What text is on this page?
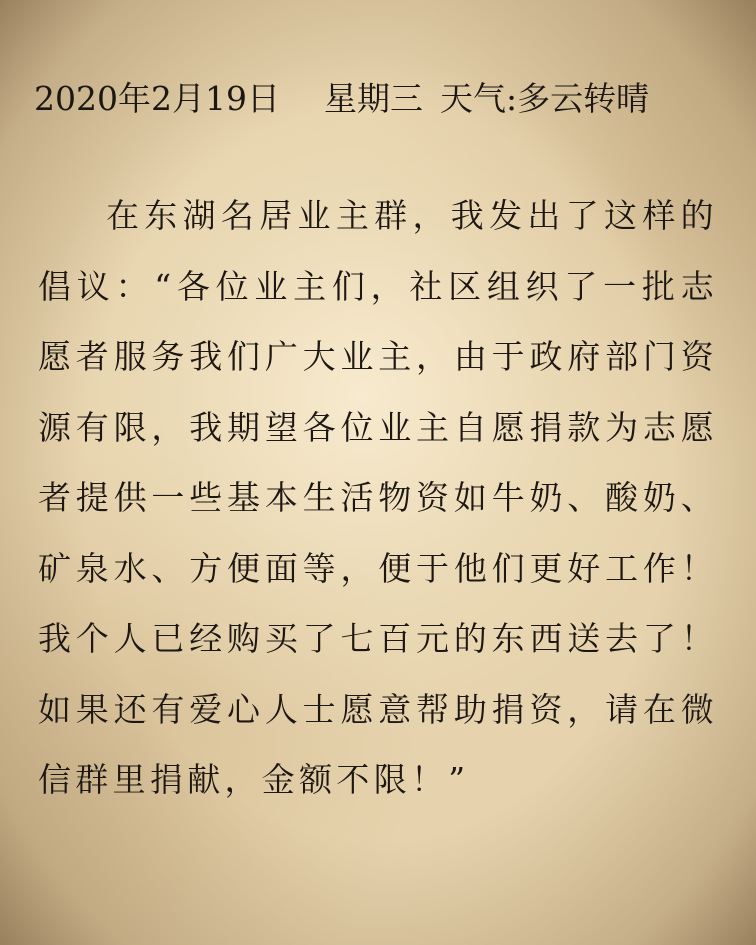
2020年2月19日 星期三 天气:多云转晴
在东湖名居业主群，我发出了这样的倡议：“各位业主们，社区组织了一批志愿者服务我们广大业主，由于政府部门资源有限，我期望各位业主自愿捐款为志愿者提供一些基本生活物资如牛奶、酸奶、矿泉水、方便面等，便于他们更好工作！我个人已经购买了七百元的东西送去了！如果还有爱心人士愿意帮助捐资，请在微信群里捐献，金额不限！”
